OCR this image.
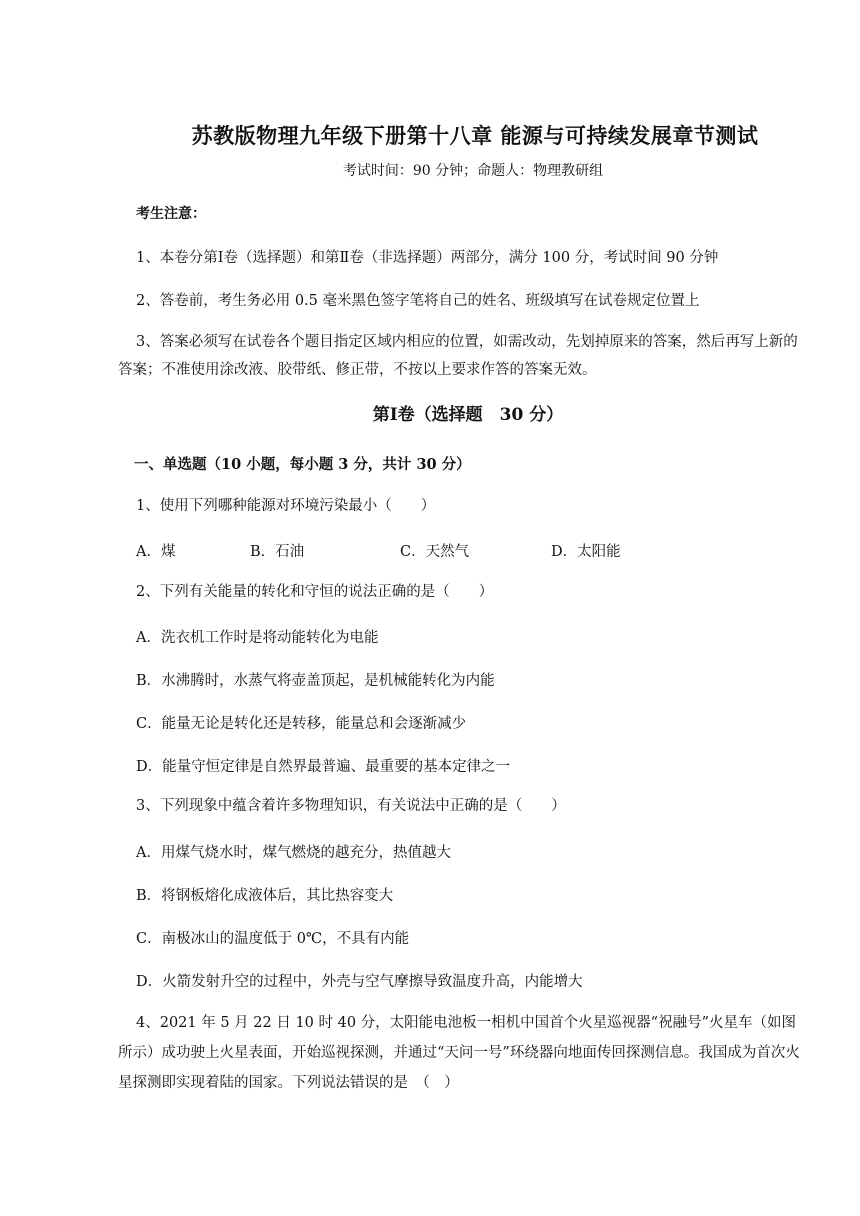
苏教版物理九年级下册第十八章 能源与可持续发展章节测试
考试时间：90 分钟；命题人：物理教研组
考生注意：
1、本卷分第Ⅰ卷（选择题）和第Ⅱ卷（非选择题）两部分，满分 100 分，考试时间 90 分钟
2、答卷前，考生务必用 0.5 毫米黑色签字笔将自己的姓名、班级填写在试卷规定位置上
3、答案必须写在试卷各个题目指定区域内相应的位置，如需改动，先划掉原来的答案，然后再写上新的答案；不准使用涂改液、胶带纸、修正带，不按以上要求作答的答案无效。
第Ⅰ卷（选择题　30 分）
一、单选题（10 小题，每小题 3 分，共计 30 分）
1、使用下列哪种能源对环境污染最小（　　）
A．煤	B．石油	C．天然气	D．太阳能
2、下列有关能量的转化和守恒的说法正确的是（　　）
A．洗衣机工作时是将动能转化为电能
B．水沸腾时，水蒸气将壶盖顶起，是机械能转化为内能
C．能量无论是转化还是转移，能量总和会逐渐减少
D．能量守恒定律是自然界最普遍、最重要的基本定律之一
3、下列现象中蕴含着许多物理知识，有关说法中正确的是（　　）
A．用煤气烧水时，煤气燃烧的越充分，热值越大
B．将钢板熔化成液体后，其比热容变大
C．南极冰山的温度低于 0℃，不具有内能
D．火箭发射升空的过程中，外壳与空气摩擦导致温度升高，内能增大
4、2021 年 5 月 22 日 10 时 40 分，太阳能电池板一相机中国首个火星巡视器“祝融号”火星车（如图所示）成功驶上火星表面，开始巡视探测，并通过“天问一号”环绕器向地面传回探测信息。我国成为首次火星探测即实现着陆的国家。下列说法错误的是　（　）
